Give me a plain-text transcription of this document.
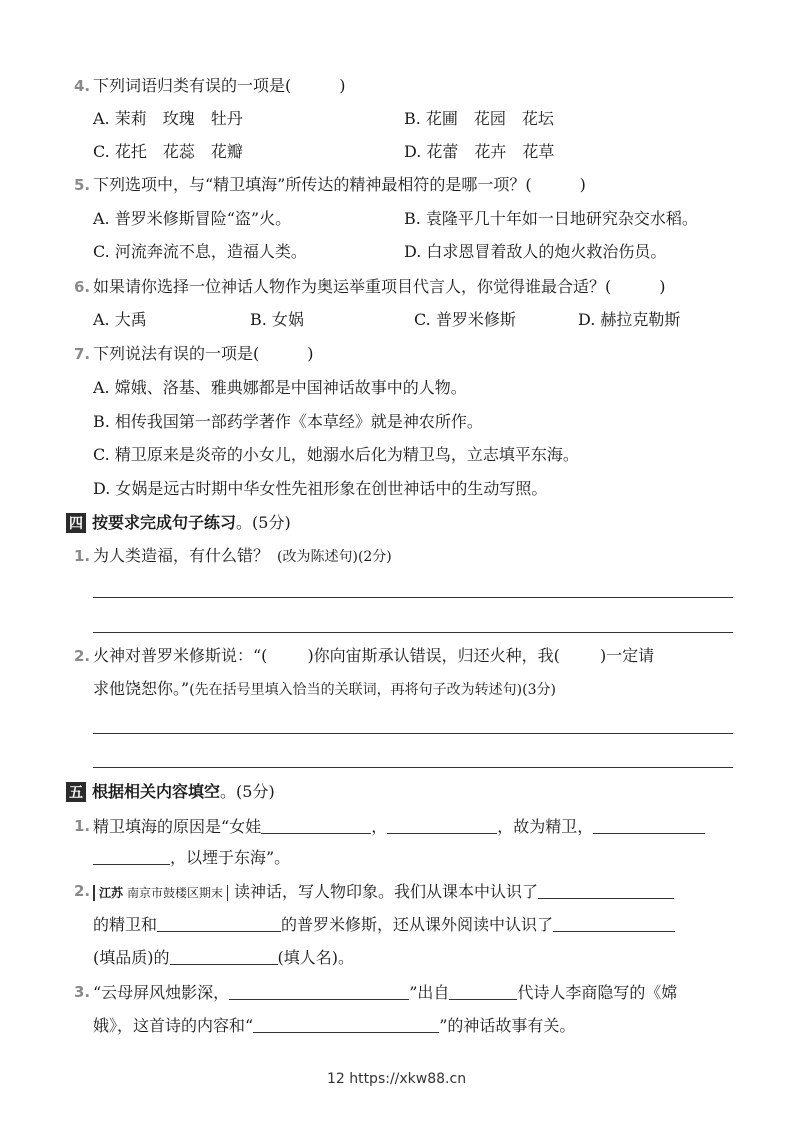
4. 下列词语归类有误的一项是(　　　)
A. 茉莉　玫瑰　牡丹	B. 花圃　花园　花坛
C. 花托　花蕊　花瓣	D. 花蕾　花卉　花草
5. 下列选项中，与“精卫填海”所传达的精神最相符的是哪一项？(　　　)
A. 普罗米修斯冒险“盗”火。	B. 袁隆平几十年如一日地研究杂交水稻。
C. 河流奔流不息，造福人类。	D. 白求恩冒着敌人的炮火救治伤员。
6. 如果请你选择一位神话人物作为奥运举重项目代言人，你觉得谁最合适？(　　　)
A. 大禹	B. 女娲	C. 普罗米修斯	D. 赫拉克勒斯
7. 下列说法有误的一项是(　　　)
A. 嫦娥、洛基、雅典娜都是中国神话故事中的人物。
B. 相传我国第一部药学著作《本草经》就是神农所作。
C. 精卫原来是炎帝的小女儿，她溺水后化为精卫鸟，立志填平东海。
D. 女娲是远古时期中华女性先祖形象在创世神话中的生动写照。
四 按要求完成句子练习。(5分)
1. 为人类造福，有什么错？ (改为陈述句)(2分)
2. 火神对普罗米修斯说：“(	)你向宙斯承认错误，归还火种，我(	)一定请
求他饶恕你。”(先在括号里填入恰当的关联词，再将句子改为转述句)(3分)
五 根据相关内容填空。(5分)
1. 精卫填海的原因是“女娃	，	，故为精卫，
，以堙于东海”。
2. 江苏 南京市鼓楼区期末 读神话，写人物印象。我们从课本中认识了
的精卫和	的普罗米修斯，还从课外阅读中认识了
(填品质)的	(填人名)。
3. “云母屏风烛影深，	”出自	代诗人李商隐写的《嫦
娥》，这首诗的内容和“	”的神话故事有关。
12 https://xkw88.cn
